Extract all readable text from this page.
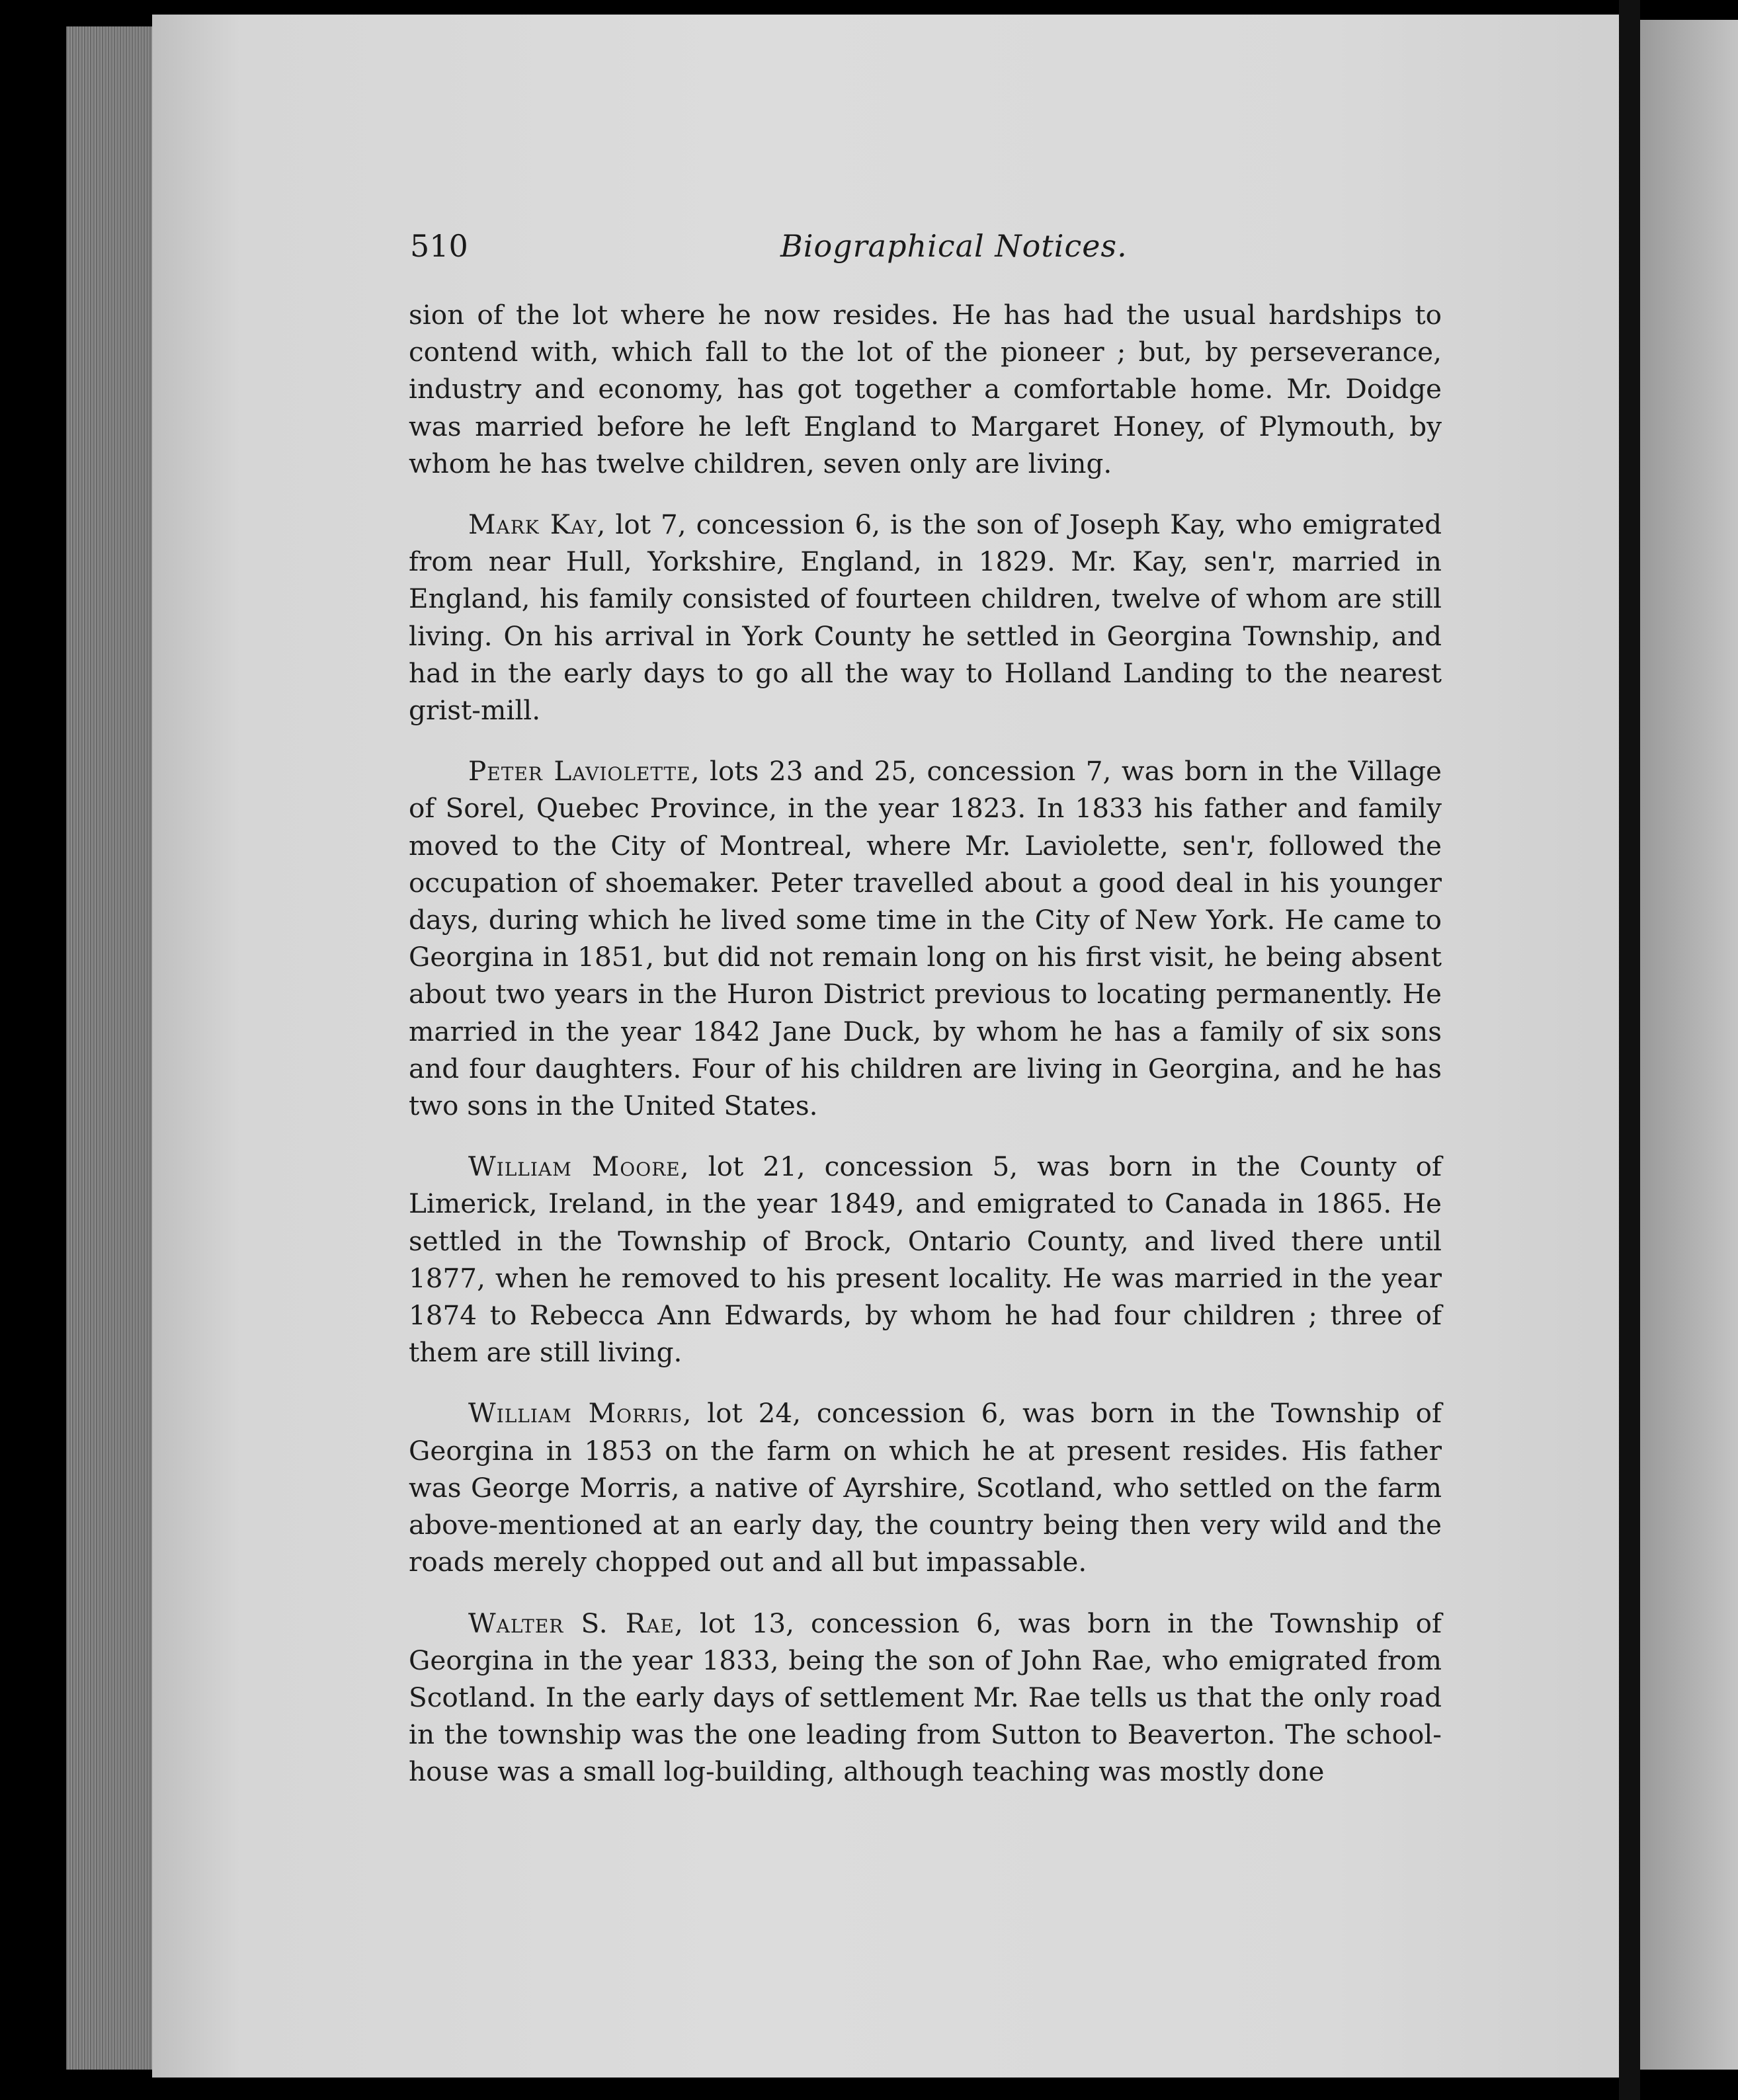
510	Biographical Notices.

sion of the lot where he now resides. He has had the usual hardships to contend with, which fall to the lot of the pioneer ; but, by perseverance, industry and economy, has got together a comfortable home. Mr. Doidge was married before he left England to Margaret Honey, of Plymouth, by whom he has twelve children, seven only are living.

Mark Kay, lot 7, concession 6, is the son of Joseph Kay, who emigrated from near Hull, Yorkshire, England, in 1829. Mr. Kay, sen'r, married in England, his family consisted of fourteen children, twelve of whom are still living. On his arrival in York County he settled in Georgina Township, and had in the early days to go all the way to Holland Landing to the nearest grist-mill.

Peter Laviolette, lots 23 and 25, concession 7, was born in the Village of Sorel, Quebec Province, in the year 1823. In 1833 his father and family moved to the City of Montreal, where Mr. Laviolette, sen'r, followed the occupation of shoemaker. Peter travelled about a good deal in his younger days, during which he lived some time in the City of New York. He came to Georgina in 1851, but did not remain long on his first visit, he being absent about two years in the Huron District previous to locating permanently. He married in the year 1842 Jane Duck, by whom he has a family of six sons and four daughters. Four of his children are living in Georgina, and he has two sons in the United States.

William Moore, lot 21, concession 5, was born in the County of Limerick, Ireland, in the year 1849, and emigrated to Canada in 1865. He settled in the Township of Brock, Ontario County, and lived there until 1877, when he removed to his present locality. He was married in the year 1874 to Rebecca Ann Edwards, by whom he had four children ; three of them are still living.

William Morris, lot 24, concession 6, was born in the Township of Georgina in 1853 on the farm on which he at present resides. His father was George Morris, a native of Ayrshire, Scotland, who settled on the farm above-mentioned at an early day, the country being then very wild and the roads merely chopped out and all but impassable.

Walter S. Rae, lot 13, concession 6, was born in the Township of Georgina in the year 1833, being the son of John Rae, who emigrated from Scotland. In the early days of settlement Mr. Rae tells us that the only road in the township was the one leading from Sutton to Beaverton. The school-house was a small log-building, although teaching was mostly done
